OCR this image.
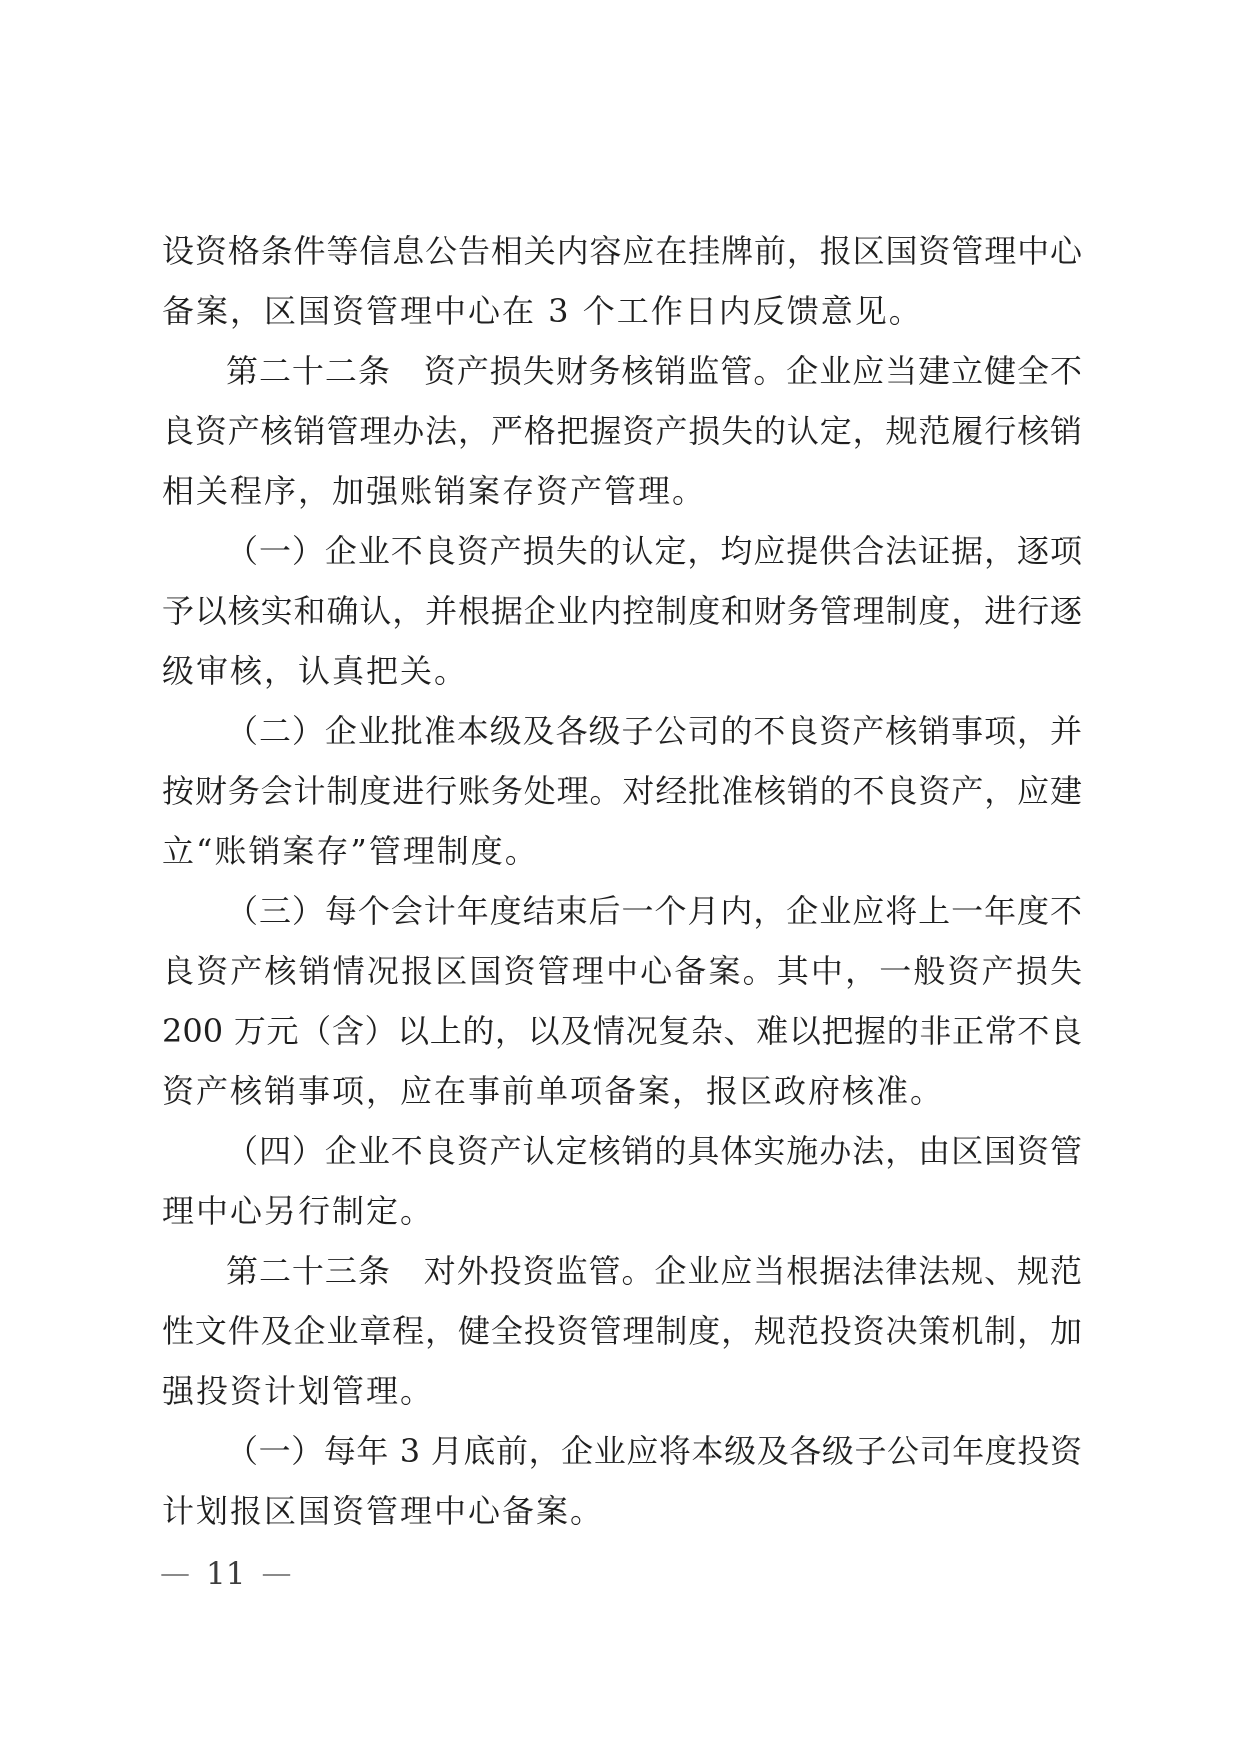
设资格条件等信息公告相关内容应在挂牌前，报区国资管理中心
备案，区国资管理中心在 3 个工作日内反馈意见。
第二十二条　资产损失财务核销监管。企业应当建立健全不
良资产核销管理办法，严格把握资产损失的认定，规范履行核销
相关程序，加强账销案存资产管理。
（一）企业不良资产损失的认定，均应提供合法证据，逐项
予以核实和确认，并根据企业内控制度和财务管理制度，进行逐
级审核，认真把关。
（二）企业批准本级及各级子公司的不良资产核销事项，并
按财务会计制度进行账务处理。对经批准核销的不良资产，应建
立“账销案存”管理制度。
（三）每个会计年度结束后一个月内，企业应将上一年度不
良资产核销情况报区国资管理中心备案。其中，一般资产损失
200 万元（含）以上的，以及情况复杂、难以把握的非正常不良
资产核销事项，应在事前单项备案，报区政府核准。
（四）企业不良资产认定核销的具体实施办法，由区国资管
理中心另行制定。
第二十三条　对外投资监管。企业应当根据法律法规、规范
性文件及企业章程，健全投资管理制度，规范投资决策机制，加
强投资计划管理。
（一）每年 3 月底前，企业应将本级及各级子公司年度投资
计划报区国资管理中心备案。
— 11 —
